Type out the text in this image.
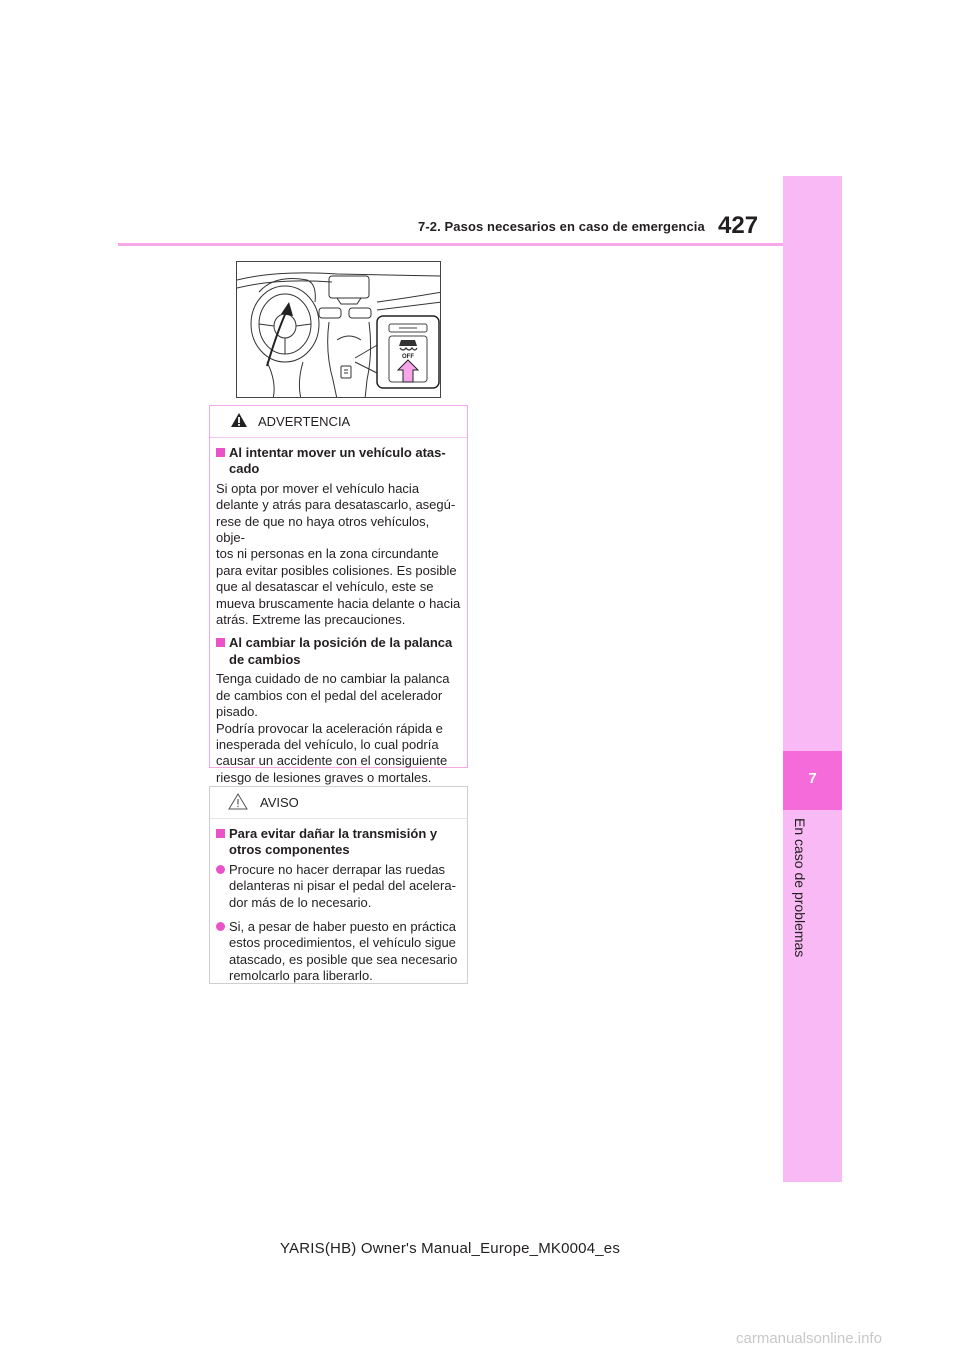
7-2. Pasos necesarios en caso de emergencia 427
7
En caso de problemas
OFF
ADVERTENCIA
Al intentar mover un vehículo atas-
cado
Si opta por mover el vehículo hacia
delante y atrás para desatascarlo, asegú-
rese de que no haya otros vehículos, obje-
tos ni personas en la zona circundante
para evitar posibles colisiones. Es posible
que al desatascar el vehículo, este se
mueva bruscamente hacia delante o hacia
atrás. Extreme las precauciones.
Al cambiar la posición de la palanca
de cambios
Tenga cuidado de no cambiar la palanca
de cambios con el pedal del acelerador
pisado.
Podría provocar la aceleración rápida e
inesperada del vehículo, lo cual podría
causar un accidente con el consiguiente
riesgo de lesiones graves o mortales.
AVISO
Para evitar dañar la transmisión y
otros componentes
Procure no hacer derrapar las ruedas
delanteras ni pisar el pedal del acelera-
dor más de lo necesario.
Si, a pesar de haber puesto en práctica
estos procedimientos, el vehículo sigue
atascado, es posible que sea necesario
remolcarlo para liberarlo.
YARIS(HB) Owner's Manual_Europe_MK0004_es
carmanualsonline.info
